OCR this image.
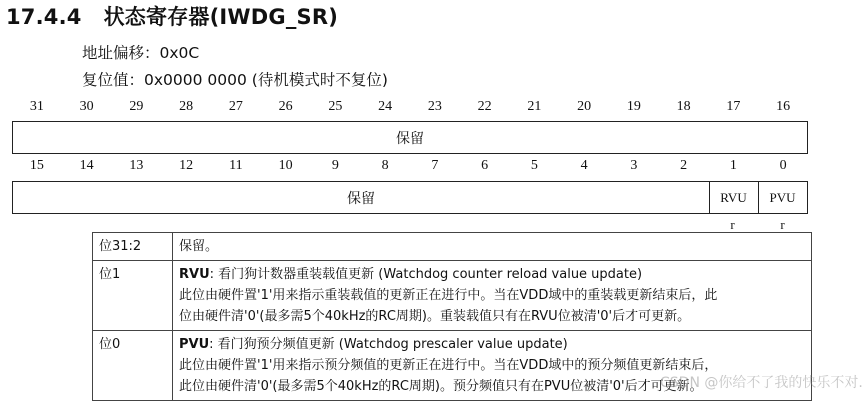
17.4.4 状态寄存器(IWDG_SR)
地址偏移：0x0C
复位值：0x0000 0000 (待机模式时不复位)
31	30	29	28	27	26	25	24	23	22	21	20	19	18	17	16
保留
15	14	13	12	11	10	9	8	7	6	5	4	3	2	1	0
保留	RVU	PVU
r	r
位31:2	保留。
位1	RVU: 看门狗计数器重装载值更新 (Watchdog counter reload value update)
此位由硬件置'1'用来指示重装载值的更新正在进行中。当在VDD域中的重装载更新结束后，此
位由硬件清'0'(最多需5个40kHz的RC周期)。重装载值只有在RVU位被清'0'后才可更新。

位0	PVU: 看门狗预分频值更新 (Watchdog prescaler value update)
此位由硬件置'1'用来指示预分频值的更新正在进行中。当在VDD域中的预分频值更新结束后，
此位由硬件清'0'(最多需5个40kHz的RC周期)。预分频值只有在PVU位被清'0'后才可更新。
CSDN @你给不了我的快乐不对.
